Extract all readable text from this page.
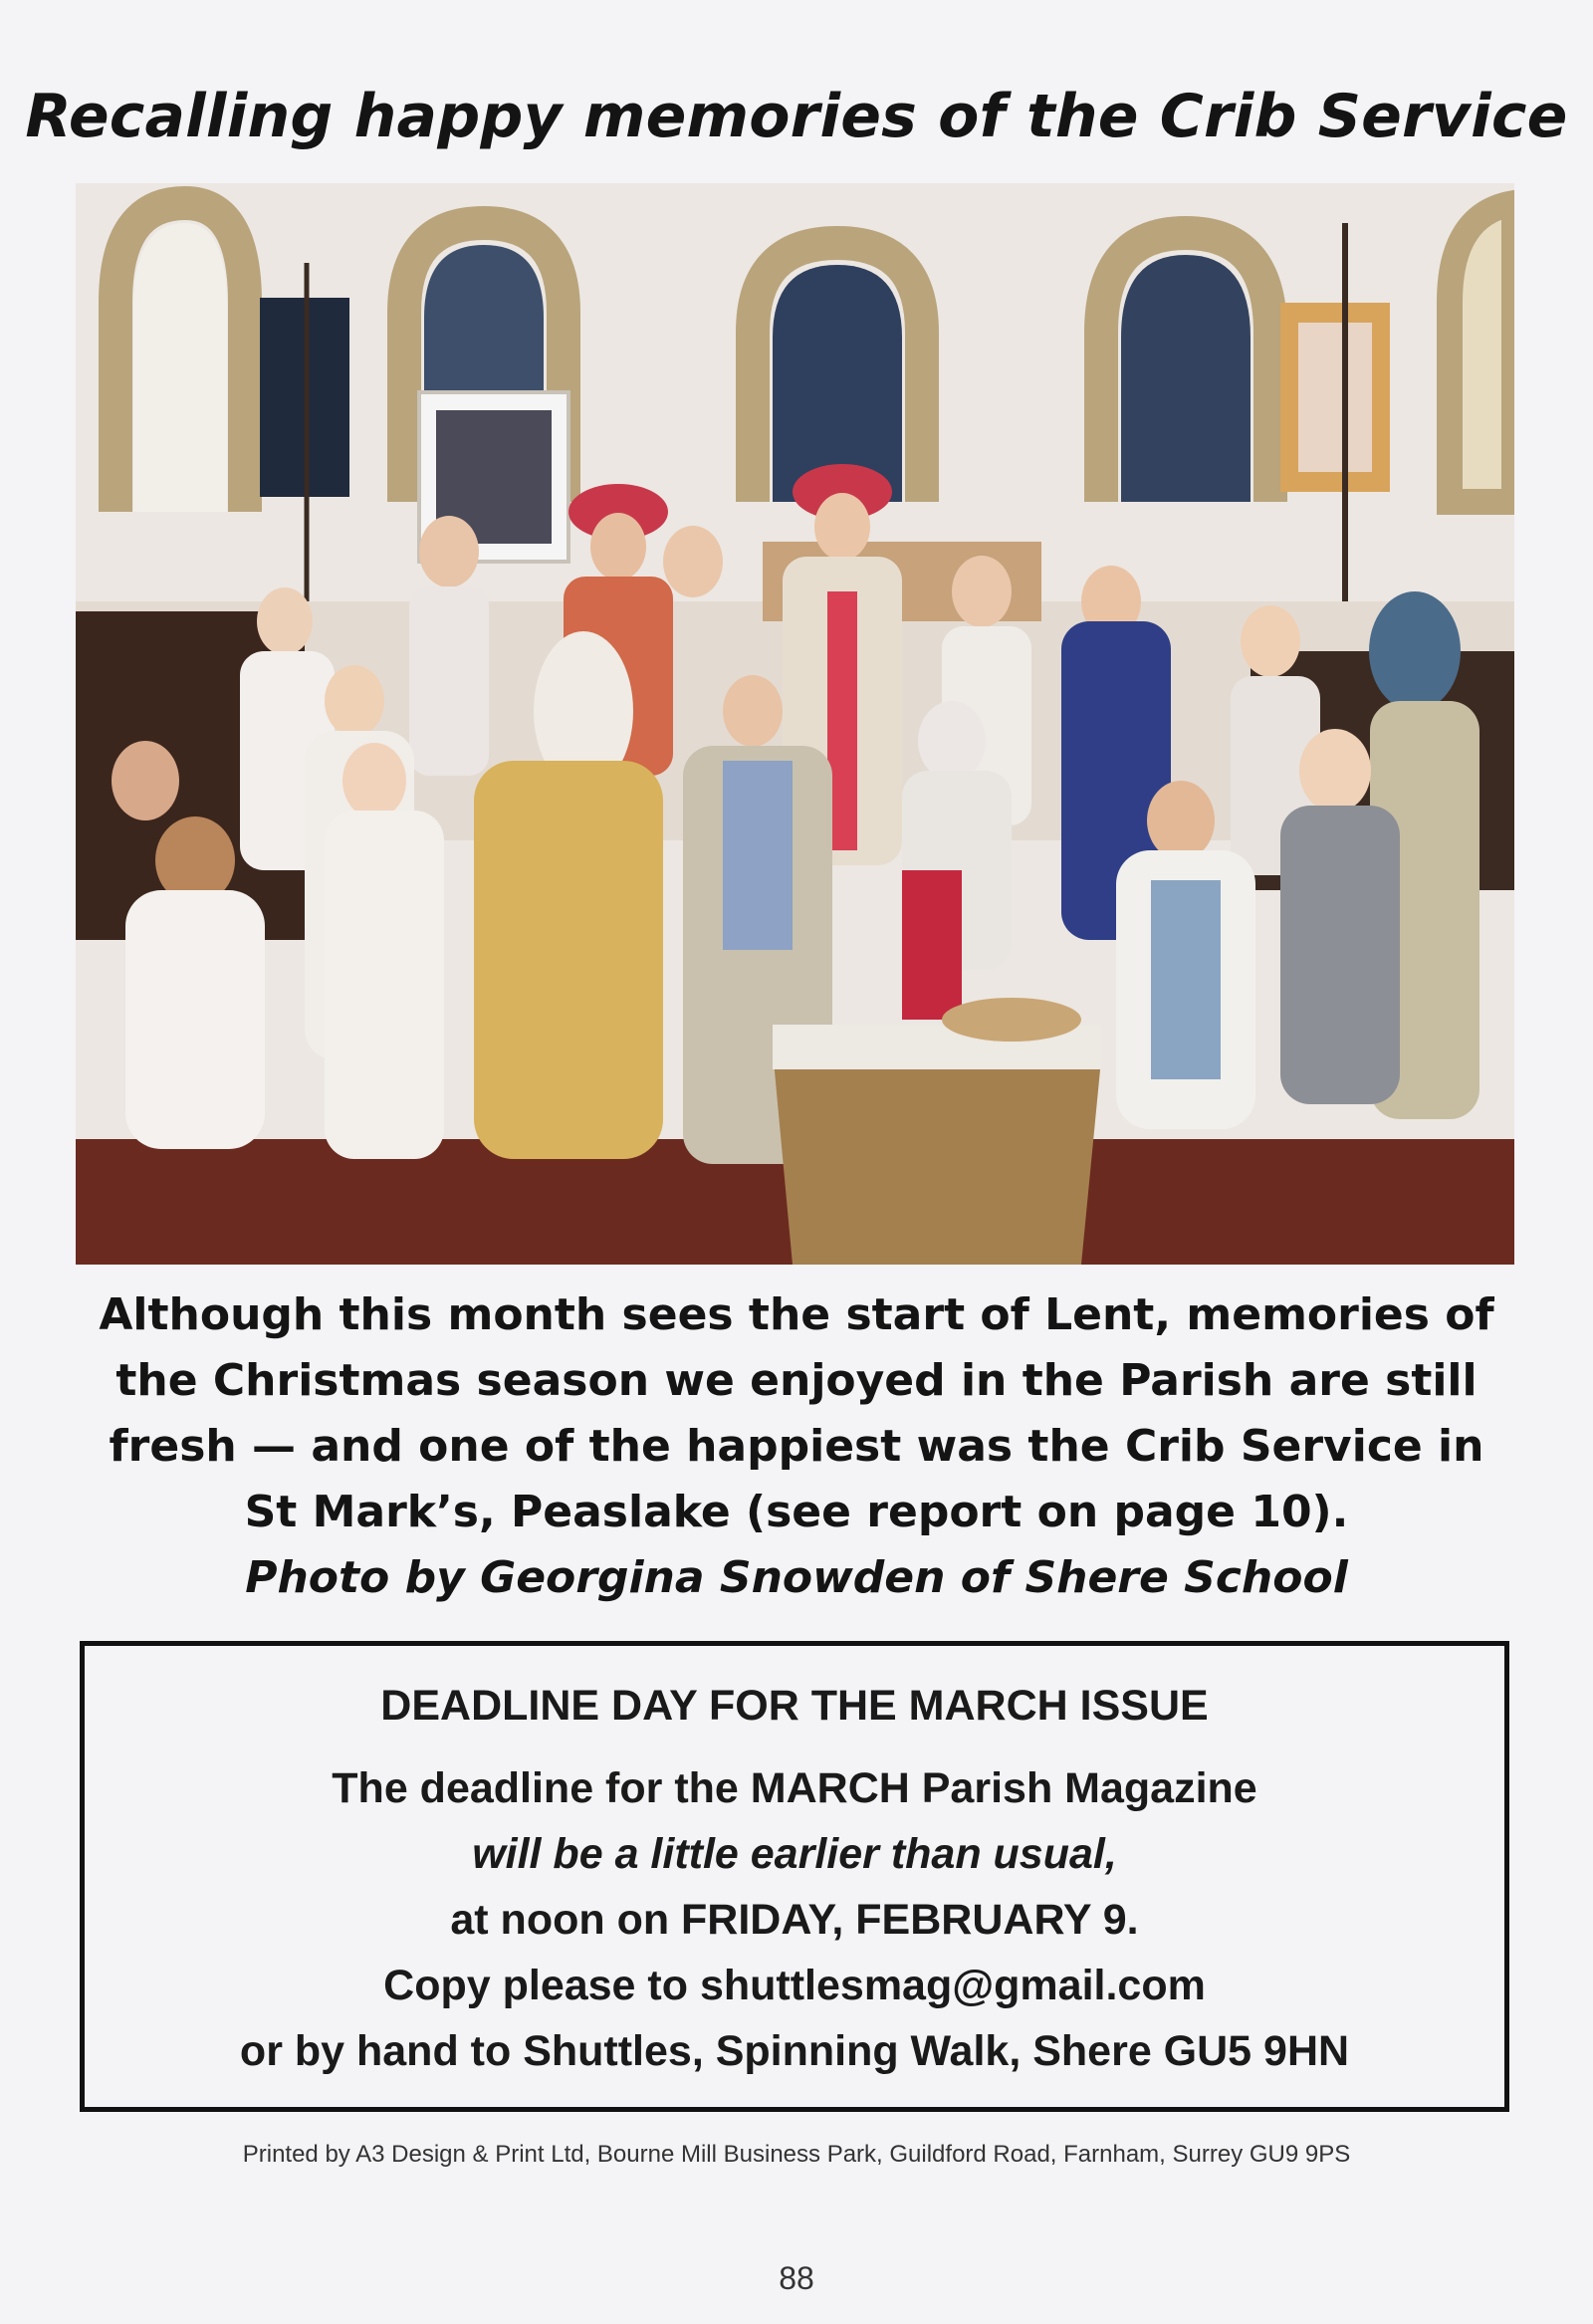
Recalling happy memories of the Crib Service
Although this month sees the start of Lent, memories of
the Christmas season we enjoyed in the Parish are still
fresh — and one of the happiest was the Crib Service in
St Mark’s, Peaslake (see report on page 10).
Photo by Georgina Snowden of Shere School
DEADLINE DAY FOR THE MARCH ISSUE
The deadline for the MARCH Parish Magazine
will be a little earlier than usual,
at noon on FRIDAY, FEBRUARY 9.
Copy please to shuttlesmag@gmail.com
or by hand to Shuttles, Spinning Walk, Shere GU5 9HN
Printed by A3 Design & Print Ltd, Bourne Mill Business Park, Guildford Road, Farnham, Surrey GU9 9PS
88
